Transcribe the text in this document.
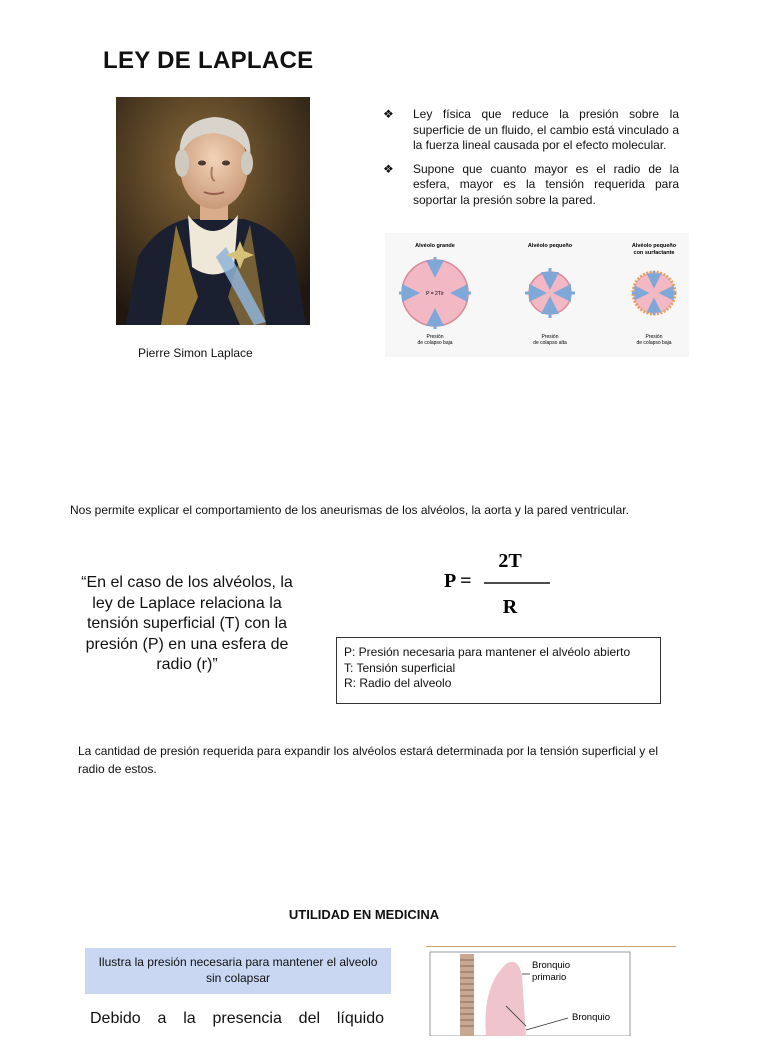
LEY DE LAPLACE
Pierre Simon Laplace
❖	Ley física que reduce la presión sobre la superficie de un fluido, el cambio está vinculado a la fuerza lineal causada por el efecto molecular.
❖	Supone que cuanto mayor es el radio de la esfera, mayor es la tensión requerida para soportar la presión sobre la pared.
Alvéolo grande	Alvéolo pequeño	Alvéolo pequeño
con surfactante
P = 2T/r
Presión
de colapso baja
Presión
de colapso alta
Presión
de colapso baja
Nos permite explicar el comportamiento de los aneurismas de los alvéolos, la aorta y la pared ventricular.
“En el caso de los alvéolos, la ley de Laplace relaciona la tensión superficial (T) con la presión (P) en una esfera de radio (r)”
P =
2T
R
P: Presión necesaria para mantener el alvéolo abierto
T: Tensión superficial
R: Radio del alveolo
La cantidad de presión requerida para expandir los alvéolos estará determinada por la tensión superficial y el radio de estos.
UTILIDAD EN MEDICINA
Ilustra la presión necesaria para mantener el alveolo sin colapsar
Debido a la presencia del líquido
Bronquio
primario
Bronquio
